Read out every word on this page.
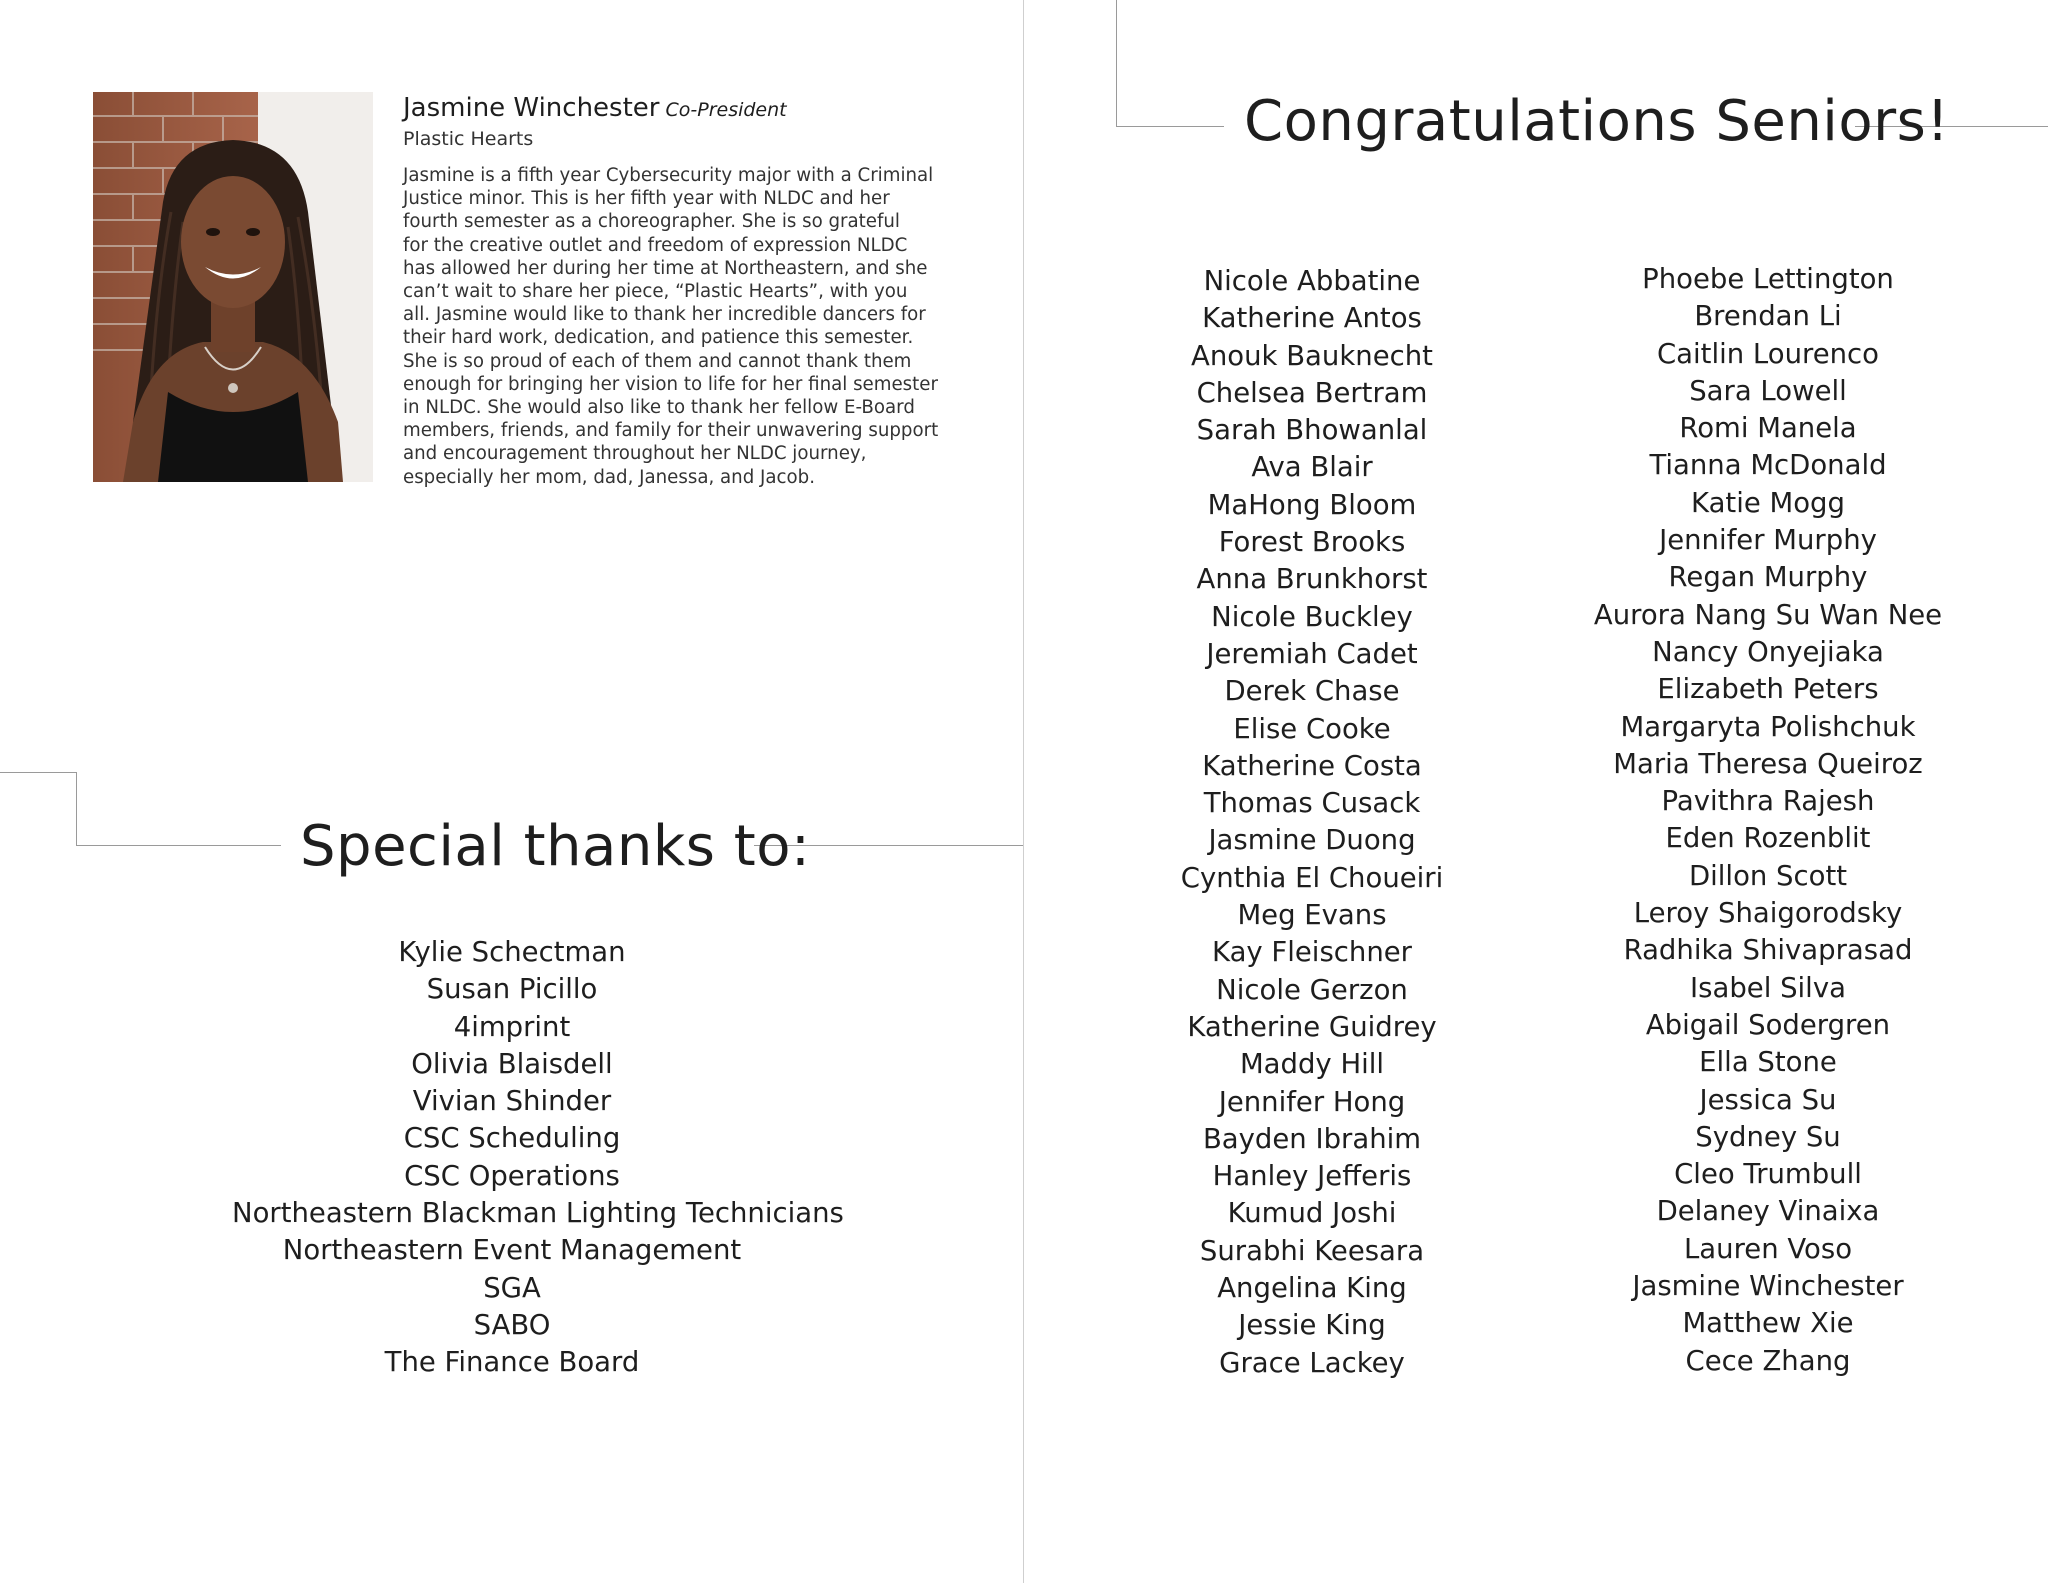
Jasmine Winchester Co-President
Plastic Hearts
Jasmine is a fifth year Cybersecurity major with a Criminal
Justice minor. This is her fifth year with NLDC and her
fourth semester as a choreographer. She is so grateful
for the creative outlet and freedom of expression NLDC
has allowed her during her time at Northeastern, and she
can’t wait to share her piece, “Plastic Hearts”, with you
all. Jasmine would like to thank her incredible dancers for
their hard work, dedication, and patience this semester.
She is so proud of each of them and cannot thank them
enough for bringing her vision to life for her final semester
in NLDC. She would also like to thank her fellow E-Board
members, friends, and family for their unwavering support
and encouragement throughout her NLDC journey,
especially her mom, dad, Janessa, and Jacob.
Special thanks to:
Kylie Schectman
Susan Picillo
4imprint
Olivia Blaisdell
Vivian Shinder
CSC Scheduling
CSC Operations
Northeastern Blackman Lighting Technicians
Northeastern Event Management
SGA
SABO
The Finance Board
Congratulations Seniors!
Nicole Abbatine
Katherine Antos
Anouk Bauknecht
Chelsea Bertram
Sarah Bhowanlal
Ava Blair
MaHong Bloom
Forest Brooks
Anna Brunkhorst
Nicole Buckley
Jeremiah Cadet
Derek Chase
Elise Cooke
Katherine Costa
Thomas Cusack
Jasmine Duong
Cynthia El Choueiri
Meg Evans
Kay Fleischner
Nicole Gerzon
Katherine Guidrey
Maddy Hill
Jennifer Hong
Bayden Ibrahim
Hanley Jefferis
Kumud Joshi
Surabhi Keesara
Angelina King
Jessie King
Grace Lackey
Phoebe Lettington
Brendan Li
Caitlin Lourenco
Sara Lowell
Romi Manela
Tianna McDonald
Katie Mogg
Jennifer Murphy
Regan Murphy
Aurora Nang Su Wan Nee
Nancy Onyejiaka
Elizabeth Peters
Margaryta Polishchuk
Maria Theresa Queiroz
Pavithra Rajesh
Eden Rozenblit
Dillon Scott
Leroy Shaigorodsky
Radhika Shivaprasad
Isabel Silva
Abigail Sodergren
Ella Stone
Jessica Su
Sydney Su
Cleo Trumbull
Delaney Vinaixa
Lauren Voso
Jasmine Winchester
Matthew Xie
Cece Zhang
